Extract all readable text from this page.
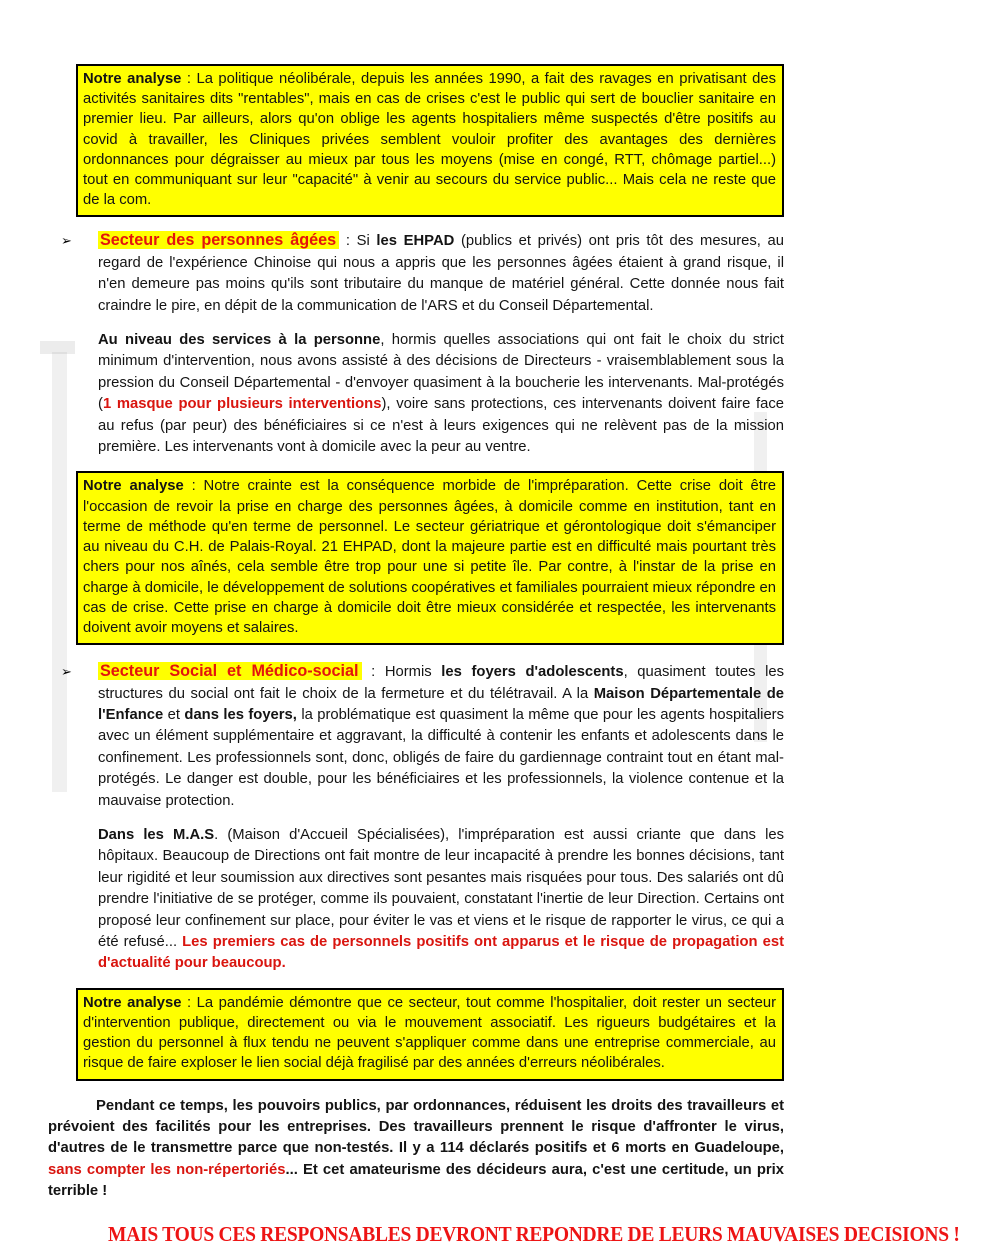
Notre analyse : La politique néolibérale, depuis les années 1990, a fait des ravages en privatisant des activités sanitaires dits "rentables", mais en cas de crises c'est le public qui sert de bouclier sanitaire en premier lieu. Par ailleurs, alors qu'on oblige les agents hospitaliers même suspectés d'être positifs au covid à travailler, les Cliniques privées semblent vouloir profiter des avantages des dernières ordonnances pour dégraisser au mieux par tous les moyens (mise en congé, RTT, chômage partiel...) tout en communiquant sur leur "capacité" à venir au secours du service public... Mais cela ne reste que de la com.
➢ Secteur des personnes âgées : Si les EHPAD (publics et privés) ont pris tôt des mesures, au regard de l'expérience Chinoise qui nous a appris que les personnes âgées étaient à grand risque, il n'en demeure pas moins qu'ils sont tributaire du manque de matériel général. Cette donnée nous fait craindre le pire, en dépit de la communication de l'ARS et du Conseil Départemental.
Au niveau des services à la personne, hormis quelles associations qui ont fait le choix du strict minimum d'intervention, nous avons assisté à des décisions de Directeurs - vraisemblablement sous la pression du Conseil Départemental - d'envoyer quasiment à la boucherie les intervenants. Mal-protégés (1 masque pour plusieurs interventions), voire sans protections, ces intervenants doivent faire face au refus (par peur) des bénéficiaires si ce n'est à leurs exigences qui ne relèvent pas de la mission première. Les intervenants vont à domicile avec la peur au ventre.
Notre analyse : Notre crainte est la conséquence morbide de l'impréparation. Cette crise doit être l'occasion de revoir la prise en charge des personnes âgées, à domicile comme en institution, tant en terme de méthode qu'en terme de personnel. Le secteur gériatrique et gérontologique doit s'émanciper au niveau du C.H. de Palais-Royal. 21 EHPAD, dont la majeure partie est en difficulté mais pourtant très chers pour nos aînés, cela semble être trop pour une si petite île. Par contre, à l'instar de la prise en charge à domicile, le développement de solutions coopératives et familiales pourraient mieux répondre en cas de crise. Cette prise en charge à domicile doit être mieux considérée et respectée, les intervenants doivent avoir moyens et salaires.
➢ Secteur Social et Médico-social : Hormis les foyers d'adolescents, quasiment toutes les structures du social ont fait le choix de la fermeture et du télétravail. A la Maison Départementale de l'Enfance et dans les foyers, la problématique est quasiment la même que pour les agents hospitaliers avec un élément supplémentaire et aggravant, la difficulté à contenir les enfants et adolescents dans le confinement. Les professionnels sont, donc, obligés de faire du gardiennage contraint tout en étant mal-protégés. Le danger est double, pour les bénéficiaires et les professionnels, la violence contenue et la mauvaise protection.
Dans les M.A.S. (Maison d'Accueil Spécialisées), l'impréparation est aussi criante que dans les hôpitaux. Beaucoup de Directions ont fait montre de leur incapacité à prendre les bonnes décisions, tant leur rigidité et leur soumission aux directives sont pesantes mais risquées pour tous. Des salariés ont dû prendre l'initiative de se protéger, comme ils pouvaient, constatant l'inertie de leur Direction. Certains ont proposé leur confinement sur place, pour éviter le vas et viens et le risque de rapporter le virus, ce qui a été refusé... Les premiers cas de personnels positifs ont apparus et le risque de propagation est d'actualité pour beaucoup.
Notre analyse : La pandémie démontre que ce secteur, tout comme l'hospitalier, doit rester un secteur d'intervention publique, directement ou via le mouvement associatif. Les rigueurs budgétaires et la gestion du personnel à flux tendu ne peuvent s'appliquer comme dans une entreprise commerciale, au risque de faire exploser le lien social déjà fragilisé par des années d'erreurs néolibérales.
Pendant ce temps, les pouvoirs publics, par ordonnances, réduisent les droits des travailleurs et prévoient des facilités pour les entreprises. Des travailleurs prennent le risque d'affronter le virus, d'autres de le transmettre parce que non-testés. Il y a 114 déclarés positifs et 6 morts en Guadeloupe, sans compter les non-répertoriés... Et cet amateurisme des décideurs aura, c'est une certitude, un prix terrible !
MAIS TOUS CES RESPONSABLES DEVRONT REPONDRE DE LEURS MAUVAISES DECISIONS !
